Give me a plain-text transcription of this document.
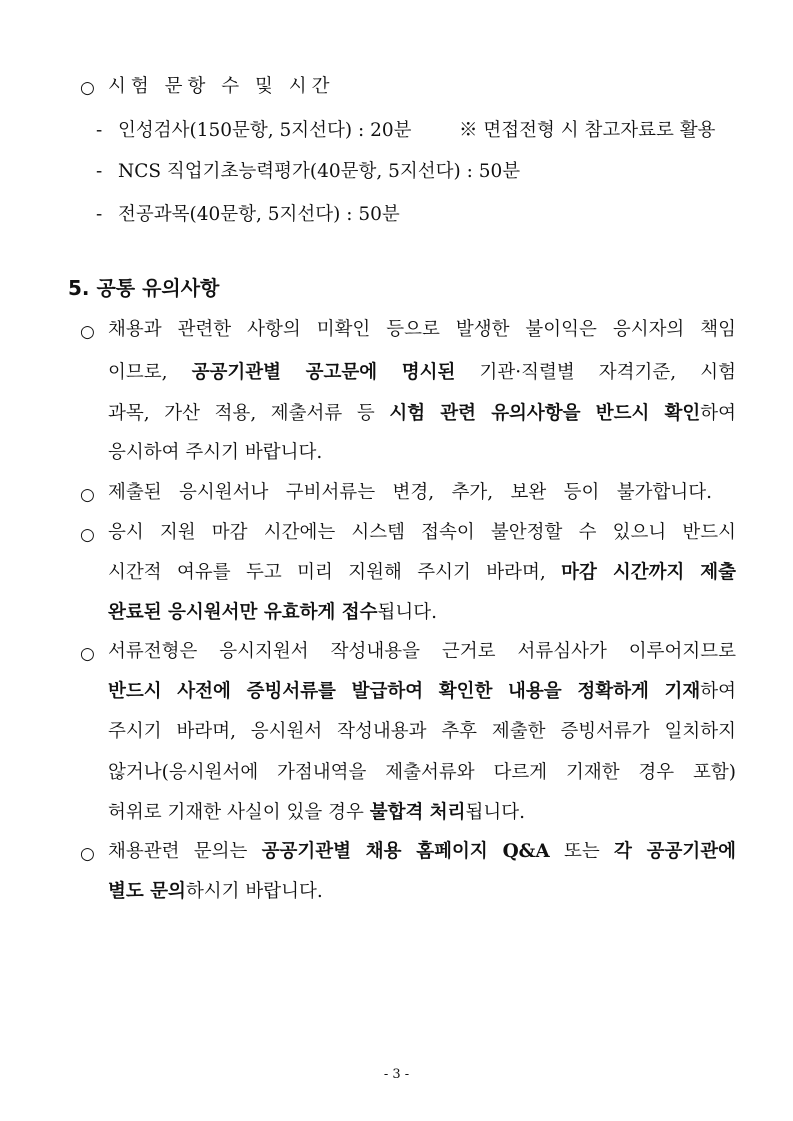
○ 시험 문항 수 및 시간
- 인성검사(150문항, 5지선다) : 20분	※ 면접전형 시 참고자료로 활용
- NCS 직업기초능력평가(40문항, 5지선다) : 50분
- 전공과목(40문항, 5지선다) : 50분
5. 공통 유의사항
○ 채용과 관련한 사항의 미확인 등으로 발생한 불이익은 응시자의 책임
이므로, 공공기관별 공고문에 명시된 기관·직렬별 자격기준, 시험
과목, 가산 적용, 제출서류 등 시험 관련 유의사항을 반드시 확인하여
응시하여 주시기 바랍니다.
○ 제출된 응시원서나 구비서류는 변경, 추가, 보완 등이 불가합니다.
○ 응시 지원 마감 시간에는 시스템 접속이 불안정할 수 있으니 반드시
시간적 여유를 두고 미리 지원해 주시기 바라며, 마감 시간까지 제출
완료된 응시원서만 유효하게 접수됩니다.
○ 서류전형은 응시지원서 작성내용을 근거로 서류심사가 이루어지므로
반드시 사전에 증빙서류를 발급하여 확인한 내용을 정확하게 기재하여
주시기 바라며, 응시원서 작성내용과 추후 제출한 증빙서류가 일치하지
않거나(응시원서에 가점내역을 제출서류와 다르게 기재한 경우 포함)
허위로 기재한 사실이 있을 경우 불합격 처리됩니다.
○ 채용관련 문의는 공공기관별 채용 홈페이지 Q&A 또는 각 공공기관에
별도 문의하시기 바랍니다.
- 3 -
